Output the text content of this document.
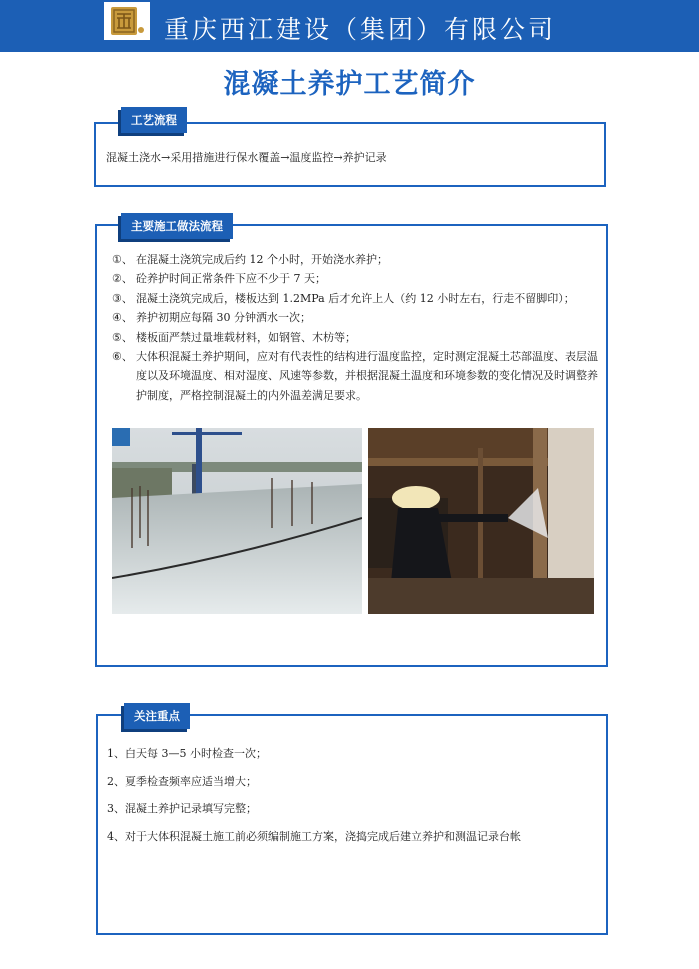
重庆西江建设（集团）有限公司
混凝土养护工艺简介
工艺流程
混凝土浇水→采用措施进行保水覆盖→温度监控→养护记录
主要施工做法流程
①、 在混凝土浇筑完成后约 12 个小时，开始浇水养护；
②、 砼养护时间正常条件下应不少于 7 天；
③、 混凝土浇筑完成后，楼板达到 1.2MPa 后才允许上人（约 12 小时左右，行走不留脚印）；
④、 养护初期应每隔 30 分钟洒水一次；
⑤、 楼板面严禁过量堆载材料，如钢管、木枋等；
⑥、 大体积混凝土养护期间，应对有代表性的结构进行温度监控，定时测定混凝土芯部温度、表层温度以及环境温度、相对湿度、风速等参数，并根据混凝土温度和环境参数的变化情况及时调整养护制度，严格控制混凝土的内外温差满足要求。
关注重点
1、白天每 3—5 小时检查一次；
2、夏季检查频率应适当增大；
3、混凝土养护记录填写完整；
4、对于大体积混凝土施工前必须编制施工方案，浇捣完成后建立养护和测温记录台帐
